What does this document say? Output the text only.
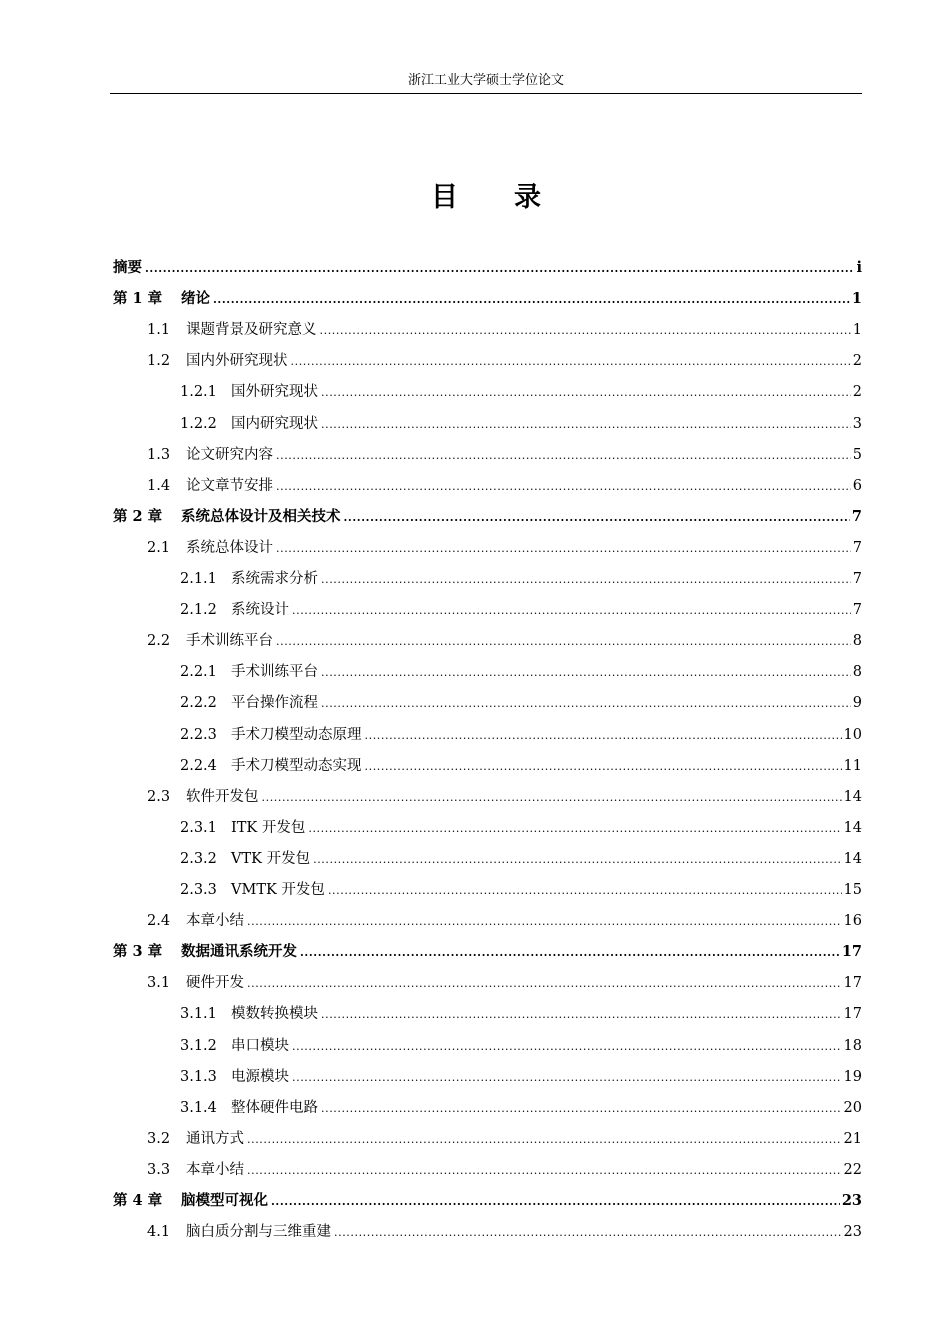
浙江工业大学硕士学位论文
目录
摘要 .....	i
第 1 章	绪论 .....	1
1.1	课题背景及研究意义 .....	1
1.2	国内外研究现状 .....	2
1.2.1 国外研究现状 .....	2
1.2.2 国内研究现状 .....	3
1.3	论文研究内容 .....	5
1.4	论文章节安排 .....	6
第 2 章	系统总体设计及相关技术 .....	7
2.1	系统总体设计 .....	7
2.1.1 系统需求分析 .....	7
2.1.2 系统设计 .....	7
2.2	手术训练平台 .....	8
2.2.1 手术训练平台 .....	8
2.2.2 平台操作流程 .....	9
2.2.3 手术刀模型动态原理 .....	10
2.2.4 手术刀模型动态实现 .....	11
2.3	软件开发包 .....	14
2.3.1 ITK 开发包 .....	14
2.3.2 VTK 开发包 .....	14
2.3.3 VMTK 开发包 .....	15
2.4	本章小结 .....	16
第 3 章	数据通讯系统开发 .....	17
3.1	硬件开发 .....	17
3.1.1 模数转换模块 .....	17
3.1.2 串口模块 .....	18
3.1.3 电源模块 .....	19
3.1.4 整体硬件电路 .....	20
3.2	通讯方式 .....	21
3.3	本章小结 .....	22
第 4 章	脑模型可视化 .....	23
4.1	脑白质分割与三维重建 .....	23
